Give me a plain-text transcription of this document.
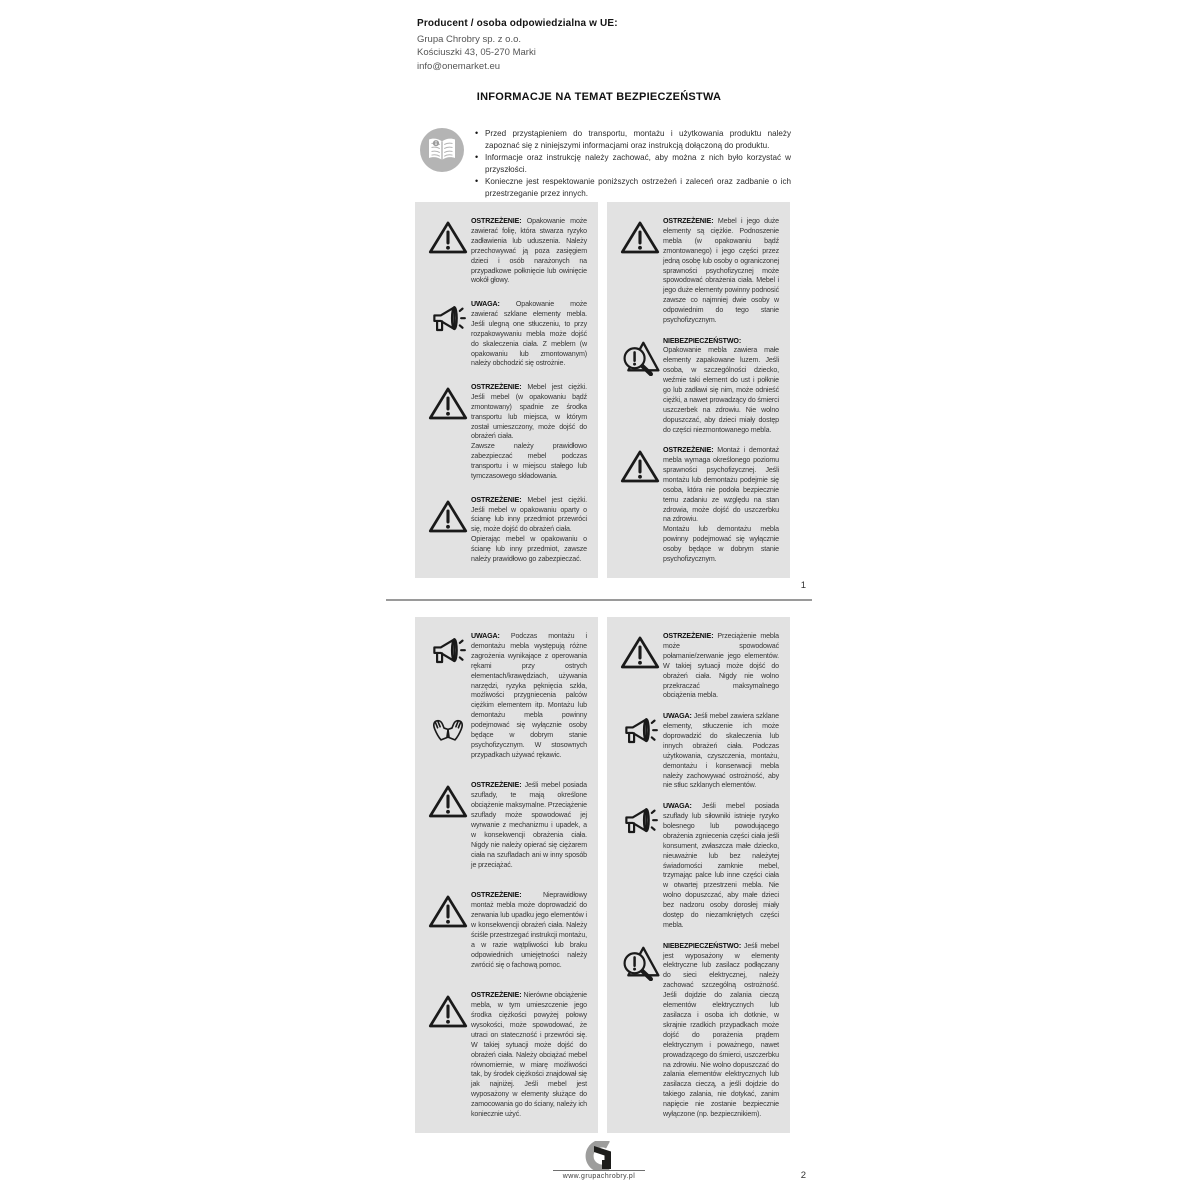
Producent / osoba odpowiedzialna w UE:
Grupa Chrobry sp. z o.o.
Kościuszki 43, 05-270 Marki
info@onemarket.eu
INFORMACJE NA TEMAT BEZPIECZEŃSTWA
• Przed przystąpieniem do transportu, montażu i użytkowania produktu należy zapoznać się z niniejszymi informacjami oraz instrukcją dołączoną do produktu.
• Informacje oraz instrukcję należy zachować, aby można z nich było korzystać w przyszłości.
• Konieczne jest respektowanie poniższych ostrzeżeń i zaleceń oraz zadbanie o ich przestrzeganie przez innych.

OSTRZEŻENIE: Opakowanie może zawierać folię, która stwarza ryzyko zadławienia lub uduszenia. Należy przechowywać ją poza zasięgiem dzieci i osób narażonych na przypadkowe połknięcie lub owinięcie wokół głowy.

UWAGA: Opakowanie może zawierać szklane elementy mebla. Jeśli ulegną one stłuczeniu, to przy rozpakowywaniu mebla może dojść do skaleczenia ciała. Z meblem (w opakowaniu lub zmontowanym) należy obchodzić się ostrożnie.

OSTRZEŻENIE: Mebel jest ciężki. Jeśli mebel (w opakowaniu bądź zmontowany) spadnie ze środka transportu lub miejsca, w którym został umieszczony, może dojść do obrażeń ciała.

Zawsze należy prawidłowo zabezpieczać mebel podczas transportu i w miejscu stałego lub tymczasowego składowania.

OSTRZEŻENIE: Mebel jest ciężki. Jeśli mebel w opakowaniu oparty o ścianę lub inny przedmiot przewróci się, może dojść do obrażeń ciała.

Opierając mebel w opakowaniu o ścianę lub inny przedmiot, zawsze należy prawidłowo go zabezpieczać.

OSTRZEŻENIE: Mebel i jego duże elementy są ciężkie. Podnoszenie mebla (w opakowaniu bądź zmontowanego) i jego części przez jedną osobę lub osoby o ograniczonej sprawności psychofizycznej może spowodować obrażenia ciała. Mebel i jego duże elementy powinny podnosić zawsze co najmniej dwie osoby w odpowiednim do tego stanie psychofizycznym.

NIEBEZPIECZEŃSTWO: Opakowanie mebla zawiera małe elementy zapakowane luzem. Jeśli osoba, w szczególności dziecko, weźmie taki element do ust i połknie go lub zadławi się nim, może odnieść ciężki, a nawet prowadzący do śmierci uszczerbek na zdrowiu. Nie wolno dopuszczać, aby dzieci miały dostęp do części niezmontowanego mebla.

OSTRZEŻENIE: Montaż i demontaż mebla wymaga określonego poziomu sprawności psychofizycznej. Jeśli montażu lub demontażu podejmie się osoba, która nie podoła bezpiecznie temu zadaniu ze względu na stan zdrowia, może dojść do uszczerbku na zdrowiu.

Montażu lub demontażu mebla powinny podejmować się wyłącznie osoby będące w dobrym stanie psychofizycznym.

1

UWAGA: Podczas montażu i demontażu mebla występują różne zagrożenia wynikające z operowania rękami przy ostrych elementach/krawędziach, używania narzędzi, ryzyka pęknięcia szkła, możliwości przygniecenia palców ciężkim elementem itp. Montażu lub demontażu mebla powinny podejmować się wyłącznie osoby będące w dobrym stanie psychofizycznym. W stosownych przypadkach używać rękawic.

OSTRZEŻENIE: Jeśli mebel posiada szuflady, te mają określone obciążenie maksymalne. Przeciążenie szuflady może spowodować jej wyrwanie z mechanizmu i upadek, a w konsekwencji obrażenia ciała. Nigdy nie należy opierać się ciężarem ciała na szufladach ani w inny sposób je przeciążać.

OSTRZEŻENIE:	Nieprawidłowy montaż mebla może doprowadzić do zerwania lub upadku jego elementów i w konsekwencji obrażeń ciała. Należy ściśle przestrzegać instrukcji montażu, a w razie wątpliwości lub braku odpowiednich umiejętności należy zwrócić się o fachową pomoc.

OSTRZEŻENIE: Nierówne obciążenie mebla, w tym umieszczenie jego środka ciężkości powyżej połowy wysokości, może spowodować, że utraci on stateczność i przewróci się. W takiej sytuacji może dojść do obrażeń ciała. Należy obciążać mebel równomiernie, w miarę możliwości tak, by środek ciężkości znajdował się jak najniżej. Jeśli mebel jest wyposażony w elementy służące do zamocowania go do ściany, należy ich koniecznie użyć.

OSTRZEŻENIE: Przeciążenie mebla może spowodować połamanie/zerwanie jego elementów. W takiej sytuacji może dojść do obrażeń ciała. Nigdy nie wolno przekraczać maksymalnego obciążenia mebla.

UWAGA: Jeśli mebel zawiera szklane elementy, stłuczenie ich może doprowadzić do skaleczenia lub innych obrażeń ciała. Podczas użytkowania, czyszczenia, montażu, demontażu i konserwacji mebla należy zachowywać ostrożność, aby nie stłuc szklanych elementów.

UWAGA: Jeśli mebel posiada szuflady lub siłowniki istnieje ryzyko bolesnego lub powodującego obrażenia zgniecenia części ciała jeśli konsument, zwłaszcza małe dziecko, nieuważnie lub bez należytej świadomości zamknie mebel, trzymając palce lub inne części ciała w otwartej przestrzeni mebla. Nie wolno dopuszczać, aby małe dzieci bez nadzoru osoby dorosłej miały dostęp do niezamkniętych części mebla.

NIEBEZPIECZEŃSTWO: Jeśli mebel jest wyposażony w elementy elektryczne lub zasilacz podłączany do sieci elektrycznej, należy zachować szczególną ostrożność. Jeśli dojdzie do zalania cieczą elementów elektrycznych lub zasilacza i osoba ich dotknie, w skrajnie rzadkich przypadkach może dojść do porażenia prądem elektrycznym i poważnego, nawet prowadzącego do śmierci, uszczerbku na zdrowiu. Nie wolno dopuszczać do zalania elementów elektrycznych lub zasilacza cieczą, a jeśli dojdzie do takiego zalania, nie dotykać, zanim napięcie nie zostanie bezpiecznie wyłączone (np. bezpiecznikiem).

www.grupachrobry.pl	2
